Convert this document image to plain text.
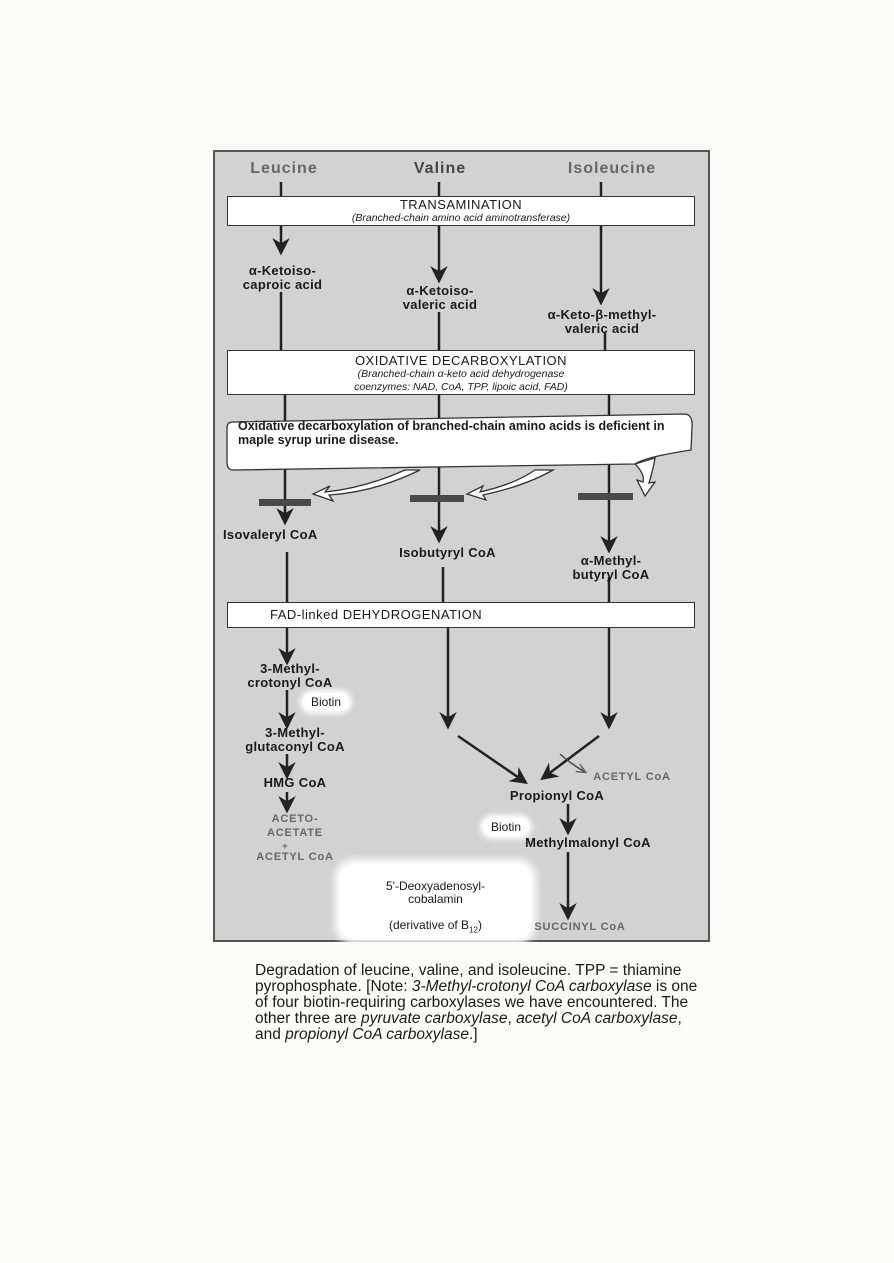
Leucine	Valine	Isoleucine
TRANSAMINATION
(Branched-chain amino acid aminotransferase)
α-Ketoiso-
caproic acid	α-Ketoiso-
valeric acid
α-Keto-β-methyl-
valeric acid
OXIDATIVE DECARBOXYLATION
(Branched-chain α-keto acid dehydrogenase
coenzymes: NAD, CoA, TPP, lipoic acid, FAD)
Oxidative decarboxylation of branched-chain amino acids is deficient in maple syrup urine disease.
Isovaleryl CoA
Isobutyryl CoA
α-Methyl-
butyryl CoA
FAD-linked DEHYDROGENATION
3-Methyl-
crotonyl CoA
Biotin
3-Methyl-
glutaconyl CoA
HMG CoA
ACETO-
ACETATE
+
ACETYL CoA
ACETYL CoA
Propionyl CoA
Biotin
Methylmalonyl CoA

5'-Deoxyadenosyl-
cobalamin

(derivative of $B_{12}$)	SUCCINYL CoA
Degradation of leucine, valine, and isoleucine. TPP = thiamine pyrophosphate. [Note: 3-Methyl-crotonyl CoA carboxylase is one of four biotin-requiring carboxylases we have encountered. The other three are pyruvate carboxylase, acetyl CoA carboxylase, and propionyl CoA carboxylase.]
